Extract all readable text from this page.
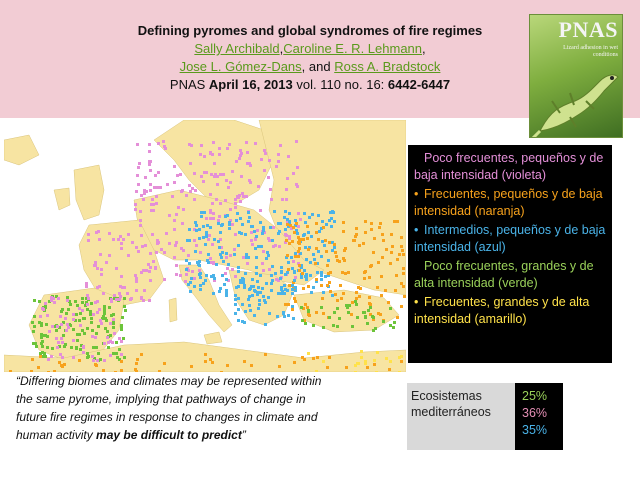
Defining pyromes and global syndromes of fire regimes
Sally Archibald,Caroline E. R. Lehmann,
Jose L. Gómez-Dans, and Ross A. Bradstock
PNAS April 16, 2013 vol. 110 no. 16: 6442-6447
PNAS
Lizard adhesion in wet conditions
Poco frecuentes, pequeños y de baja intensidad (violeta)
• Frecuentes, pequeños y de baja intensidad (naranja)
• Intermedios, pequeños y de baja intensidad (azul)
Poco frecuentes, grandes y de alta intensidad (verde)
• Frecuentes, grandes y de alta intensidad (amarillo)
Ecosistemas mediterráneos
25%
36%
35%
“Differing biomes and climates may be represented within the same pyrome, implying that pathways of change in future fire regimes in response to changes in climate and human activity may be difficult to predict”
